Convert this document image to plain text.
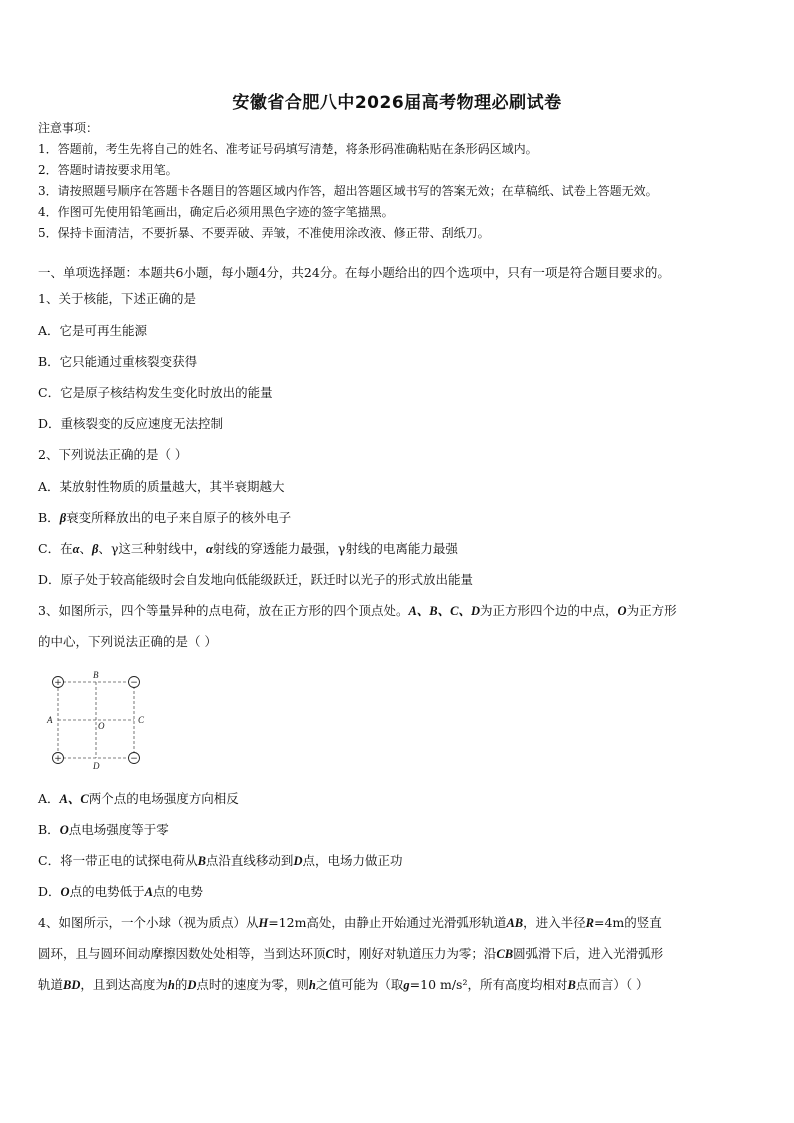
安徽省合肥八中2026届高考物理必刷试卷
注意事项：
1．答题前，考生先将自己的姓名、准考证号码填写清楚，将条形码准确粘贴在条形码区域内。
2．答题时请按要求用笔。
3．请按照题号顺序在答题卡各题目的答题区域内作答，超出答题区域书写的答案无效；在草稿纸、试卷上答题无效。
4．作图可先使用铅笔画出，确定后必须用黑色字迹的签字笔描黑。
5．保持卡面清洁，不要折暴、不要弄破、弄皱，不准使用涂改液、修正带、刮纸刀。
一、单项选择题：本题共6小题，每小题4分，共24分。在每小题给出的四个选项中，只有一项是符合题目要求的。
1、关于核能，下述正确的是
A．它是可再生能源
B．它只能通过重核裂变获得
C．它是原子核结构发生变化时放出的能量
D．重核裂变的反应速度无法控制
2、下列说法正确的是（ ）
A．某放射性物质的质量越大，其半衰期越大
B．β衰变所释放出的电子来自原子的核外电子
C．在α、β、γ这三种射线中，α射线的穿透能力最强，γ射线的电离能力最强
D．原子处于较高能级时会自发地向低能级跃迁，跃迁时以光子的形式放出能量
3、如图所示，四个等量异种的点电荷，放在正方形的四个顶点处。A、B、C、D为正方形四个边的中点，O为正方形
的中心，下列说法正确的是（ ）
+	−
+	−
B
A	C
O
D
A．A、C两个点的电场强度方向相反
B．O点电场强度等于零
C．将一带正电的试探电荷从B点沿直线移动到D点，电场力做正功
D．O点的电势低于A点的电势
4、如图所示，一个小球（视为质点）从H=12m高处，由静止开始通过光滑弧形轨道AB，进入半径R=4m的竖直
圆环，且与圆环间动摩擦因数处处相等，当到达环顶C时，刚好对轨道压力为零；沿CB圆弧滑下后，进入光滑弧形
轨道BD，且到达高度为h的D点时的速度为零，则h之值可能为（取g=10 m/s²，所有高度均相对B点而言）（ ）
